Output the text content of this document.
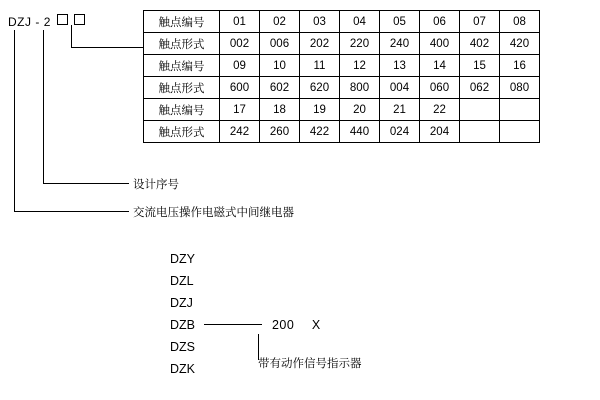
DZJ - 2
设计序号
交流电压操作电磁式中间继电器
触点编号	01	02	03	04	05	06	07	08
触点形式	002	006	202	220	240	400	402	420
触点编号	09	10	11	12	13	14	15	16
触点形式	600	602	620	800	004	060	062	080
触点编号	17	18	19	20	21	22		
触点形式	242	260	422	440	024	204		
DZY
DZL
DZJ
DZB	200 X
DZS
DZK	带有动作信号指示器
